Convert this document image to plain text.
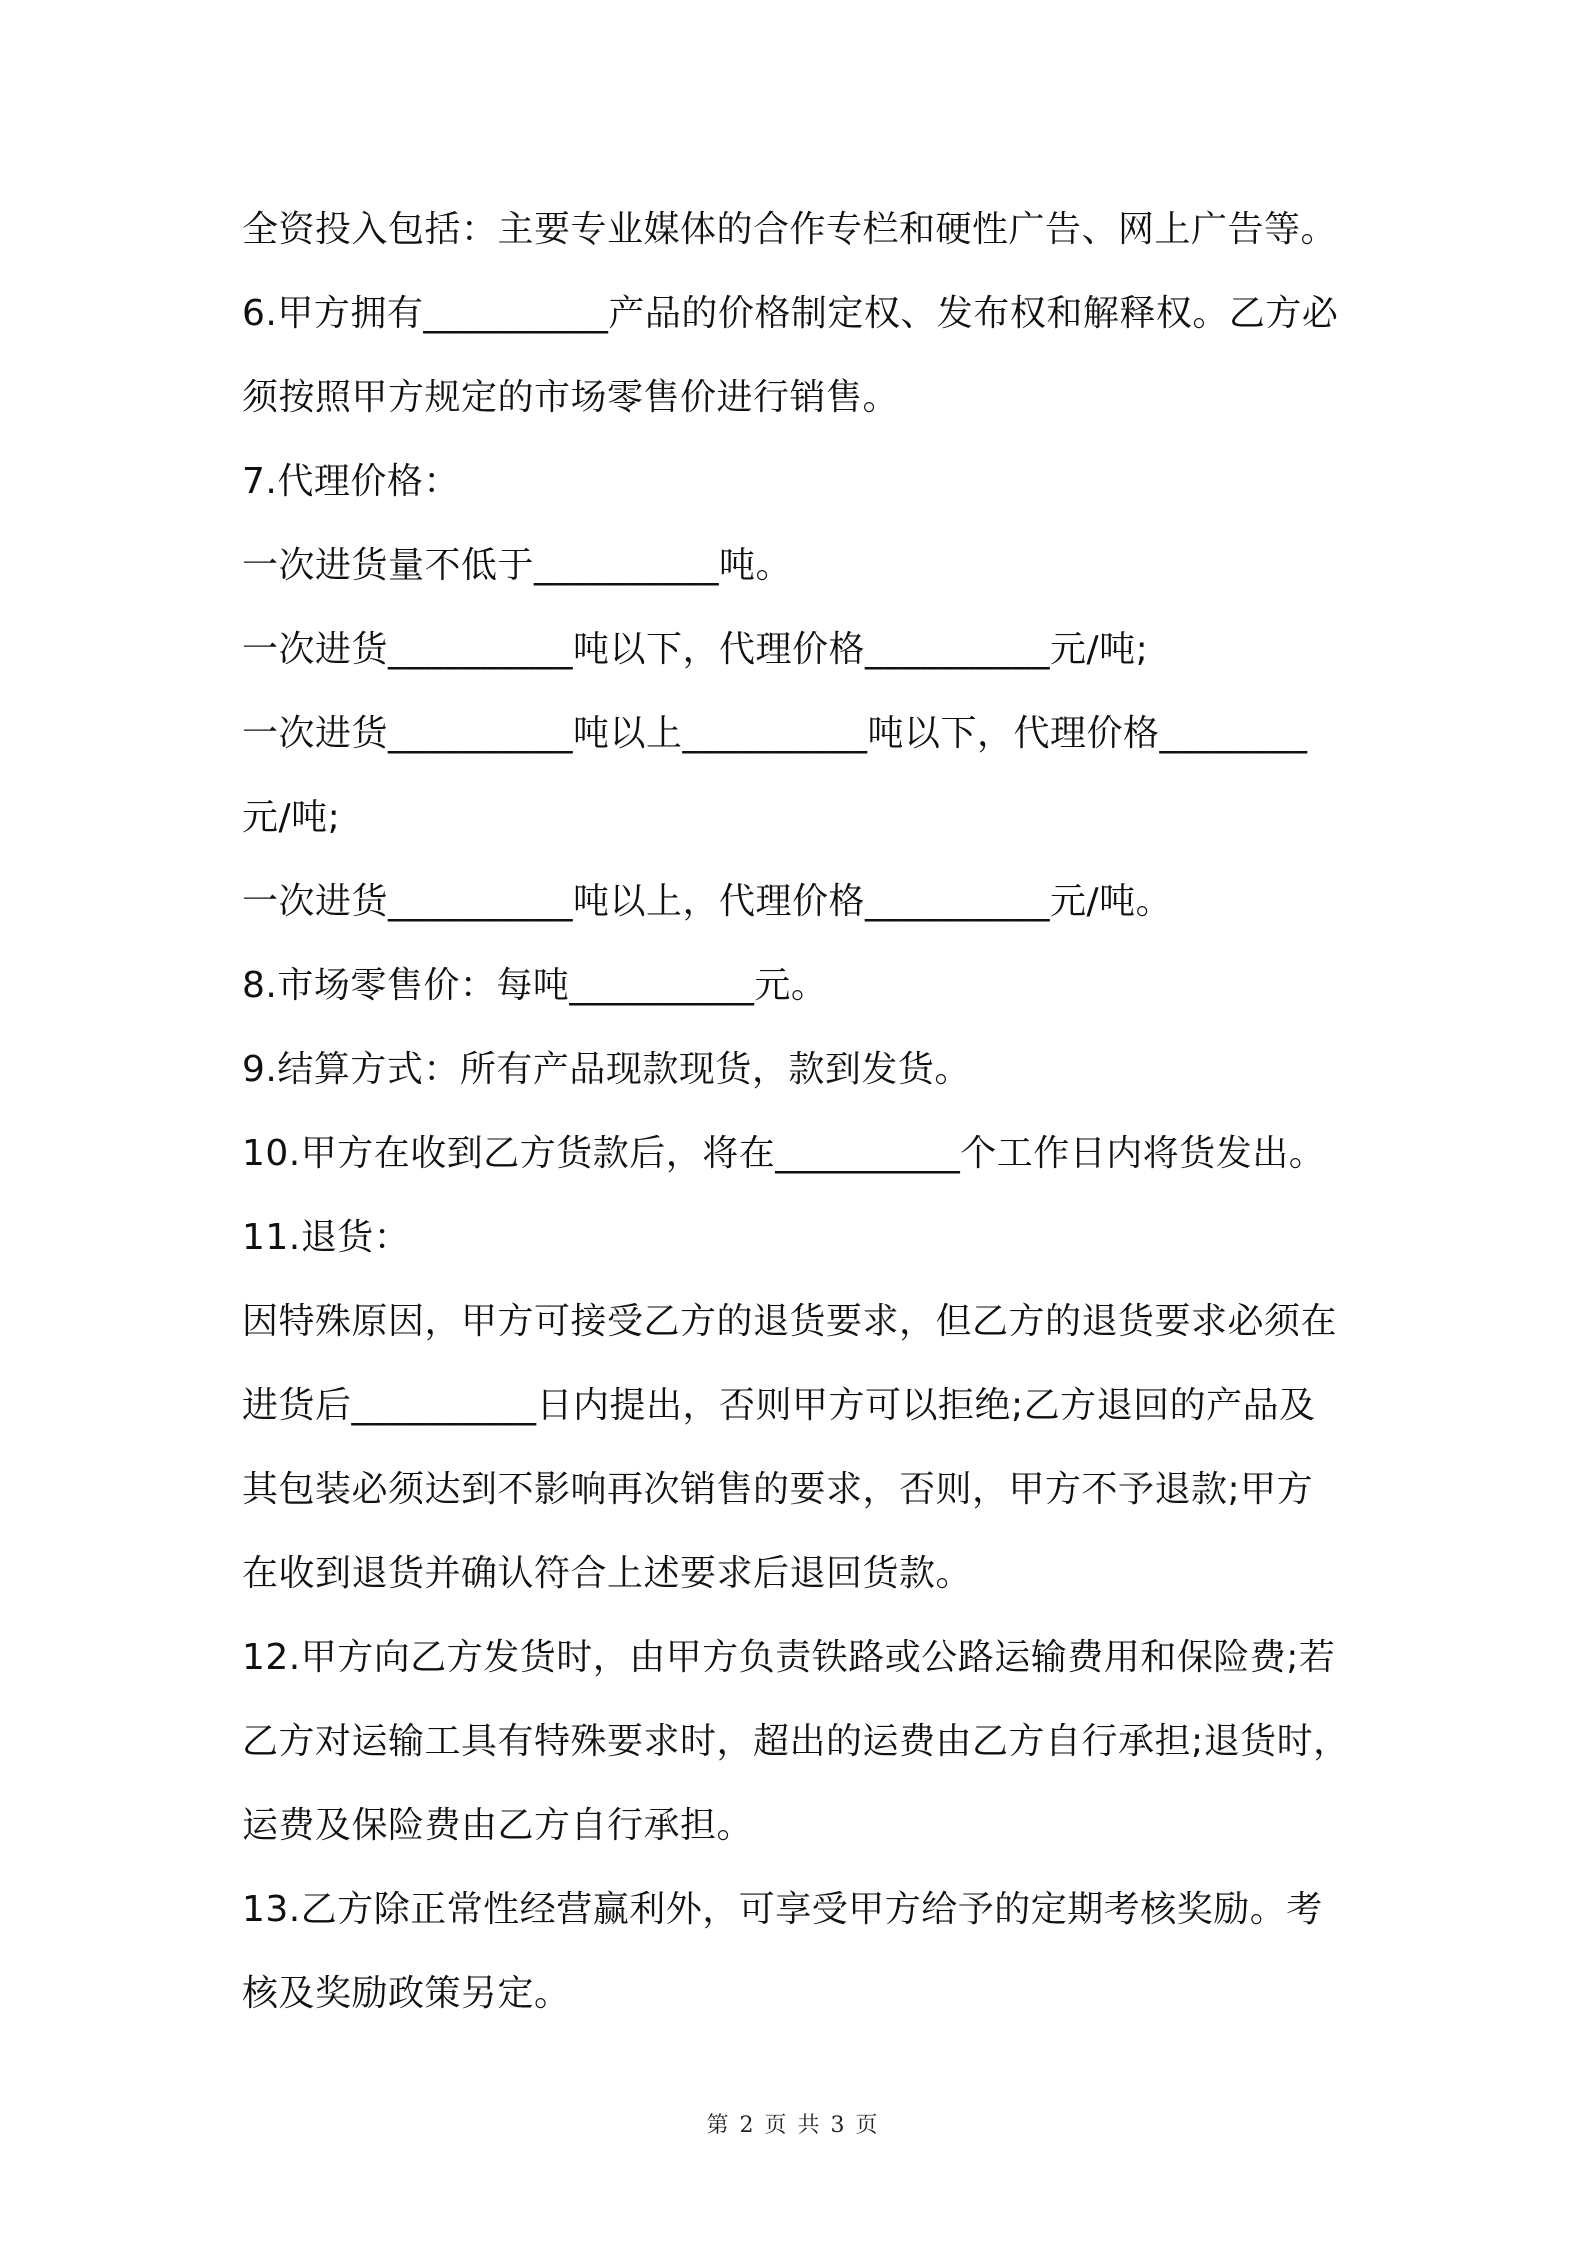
全资投入包括：主要专业媒体的合作专栏和硬性广告、网上广告等。
6.甲方拥有__________产品的价格制定权、发布权和解释权。乙方必
须按照甲方规定的市场零售价进行销售。
7.代理价格：
一次进货量不低于__________吨。
一次进货__________吨以下，代理价格__________元/吨;
一次进货__________吨以上__________吨以下，代理价格________
元/吨;
一次进货__________吨以上，代理价格__________元/吨。
8.市场零售价：每吨__________元。
9.结算方式：所有产品现款现货，款到发货。
10.甲方在收到乙方货款后，将在__________个工作日内将货发出。
11.退货：
因特殊原因，甲方可接受乙方的退货要求，但乙方的退货要求必须在
进货后__________日内提出，否则甲方可以拒绝;乙方退回的产品及
其包装必须达到不影响再次销售的要求，否则，甲方不予退款;甲方
在收到退货并确认符合上述要求后退回货款。
12.甲方向乙方发货时，由甲方负责铁路或公路运输费用和保险费;若
乙方对运输工具有特殊要求时，超出的运费由乙方自行承担;退货时，
运费及保险费由乙方自行承担。
13.乙方除正常性经营赢利外，可享受甲方给予的定期考核奖励。考
核及奖励政策另定。
第 2 页 共 3 页
